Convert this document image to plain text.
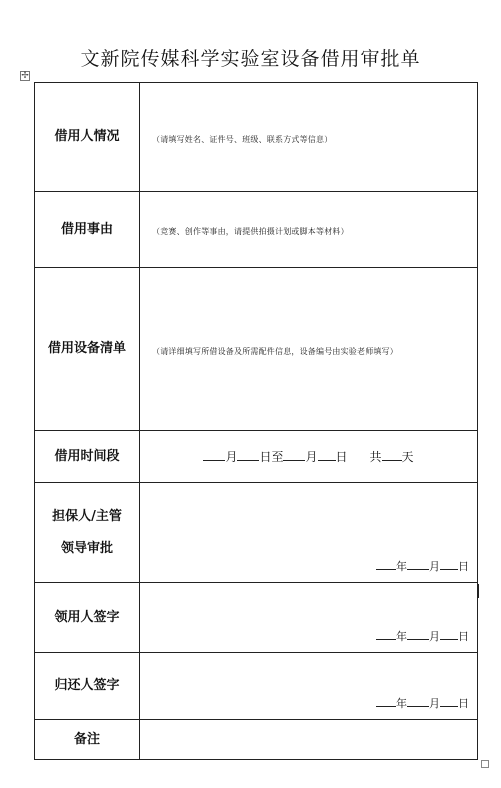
文新院传媒科学实验室设备借用审批单
✢
借用人情况	（请填写姓名、证件号、班级、联系方式等信息）

借用事由	（竞赛、创作等事由，请提供拍摄计划或脚本等材料）

借用设备清单	（请详细填写所借设备及所需配件信息，设备编号由实验老师填写）

借用时间段	月 日至 月 日 共 天

担保人/主管
领导审批	年 月 日

领用人签字	年 月 日

归还人签字	年 月 日

备注	
